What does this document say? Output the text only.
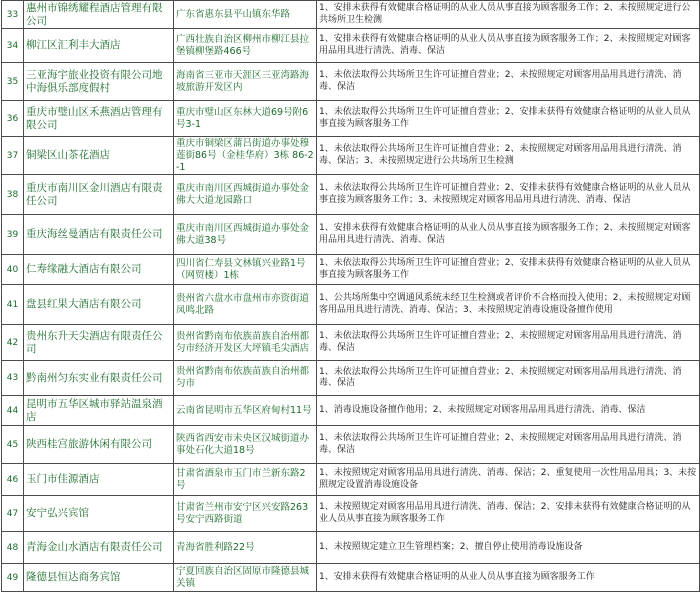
33	惠州市锦绣耀程酒店管理有限公司	广东省惠东县平山镇东华路	1、安排未获得有效健康合格证明的从业人员从事直接为顾客服务工作；2、未按照规定进行公共场所卫生检测
34	柳江区汇利丰大酒店	广西壮族自治区柳州市柳江县拉堡镇柳堡路466号	1、安排未获得有效健康合格证明的从业人员从事直接为顾客服务工作；2、未按照规定对顾客用品用具进行清洗、消毒、保洁
35	三亚海宇旅业投资有限公司地中海俱乐部度假村	海南省三亚市天涯区三亚湾路海坡旅游开发区内	1、未依法取得公共场所卫生许可证擅自营业；2、未按照规定对顾客用品用具进行清洗、消毒、保洁
36	重庆市璧山区禾燕酒店管理有限公司	重庆市璧山区东林大道69号附6号3-1	1、未依法取得公共场所卫生许可证擅自营业；2、安排未获得有效健康合格证明的从业人员从事直接为顾客服务工作
37	铜梁区山茶花酒店	重庆市铜梁区蒲吕街道办事处穆莲街86号（金桂华府）3栋 86-2-1	1、未依法取得公共场所卫生许可证擅自营业；2、未按照规定对顾客用品用具进行清洗、消毒、保洁；3、未按照规定进行公共场所卫生检测
38	重庆市南川区金川酒店有限责任公司	重庆市南川区西城街道办事处金佛大大道龙园路口	1、未依法取得公共场所卫生许可证擅自营业；2、安排未获得有效健康合格证明的从业人员从事直接为顾客服务工作；3、未按照规定对顾客用品用具进行清洗、消毒、保洁
39	重庆海丝曼酒店有限责任公司	重庆市南川区西城街道办事处金佛大道38号	1、安排未获得有效健康合格证明的从业人员从事直接为顾客服务工作；2、未按照规定对顾客用品用具进行清洗、消毒、保洁
40	仁寿缘融大酒店有限公司	四川省仁寿县文林镇兴业路1号（网贸楼）1栋	1、未依法取得公共场所卫生许可证擅自营业；2、安排未获得有效健康合格证明的从业人员从事直接为顾客服务工作
41	盘县红果大酒店有限公司	贵州省六盘水市盘州市亦资街道凤鸣北路	1、公共场所集中空调通风系统未经卫生检测或者评价不合格而投入使用；2、未按照规定对顾客用品用具进行清洗、消毒、保洁；3、未按照规定消毒设施设备擅作使用
42	贵州东升天尖酒店有限责任公司	贵州省黔南布依族苗族自治州都匀市经济开发区大坪镇毛尖酒店	1、未依法取得公共场所卫生许可证擅自营业；2、未按照规定对顾客用品用具进行清洗、消毒、保洁
43	黔南州匀东实业有限责任公司	贵州省黔南布依族苗族自治州都匀市	1、未依法取得公共场所卫生许可证擅自营业；2、未按照规定对顾客用品用具进行清洗、消毒、保洁
44	昆明市五华区城市驿站温泉酒店	云南省昆明市五华区府甸村11号	1、消毒设施设备擅作他用；2、未按照规定对顾客用品用具进行清洗、消毒、保洁
45	陕西桂宫旅游休闲有限公司	陕西省西安市未央区汉城街道办事处石化大道18号	1、未依法取得公共场所卫生许可证擅自营业；2、未按照规定对顾客用品用具进行清洗、消毒、保洁
46	玉门市佳源酒店	甘肃省酒泉市玉门市兰新东路2号	1、未按照规定对顾客用品用具进行清洗、消毒、保洁；2、重复使用一次性用品用具；3、未按照规定设置消毒设施设备
47	安宁弘兴宾馆	甘肃省兰州市安宁区兴安路263号安宁西路街道	1、未按照规定对顾客用品用具进行清洗、消毒、保洁；2、安排未获得有效健康合格证明的从业人员从事直接为顾客服务工作
48	青海金山水酒店有限责任公司	青海省胜利路22号	1、未按照规定建立卫生管理档案；2、擅自停止使用消毒设施设备
49	隆德县恒达商务宾馆	宁夏回族自治区固原市隆德县城关镇	1、安排未获得有效健康合格证明的从业人员从事直接为顾客服务工作
